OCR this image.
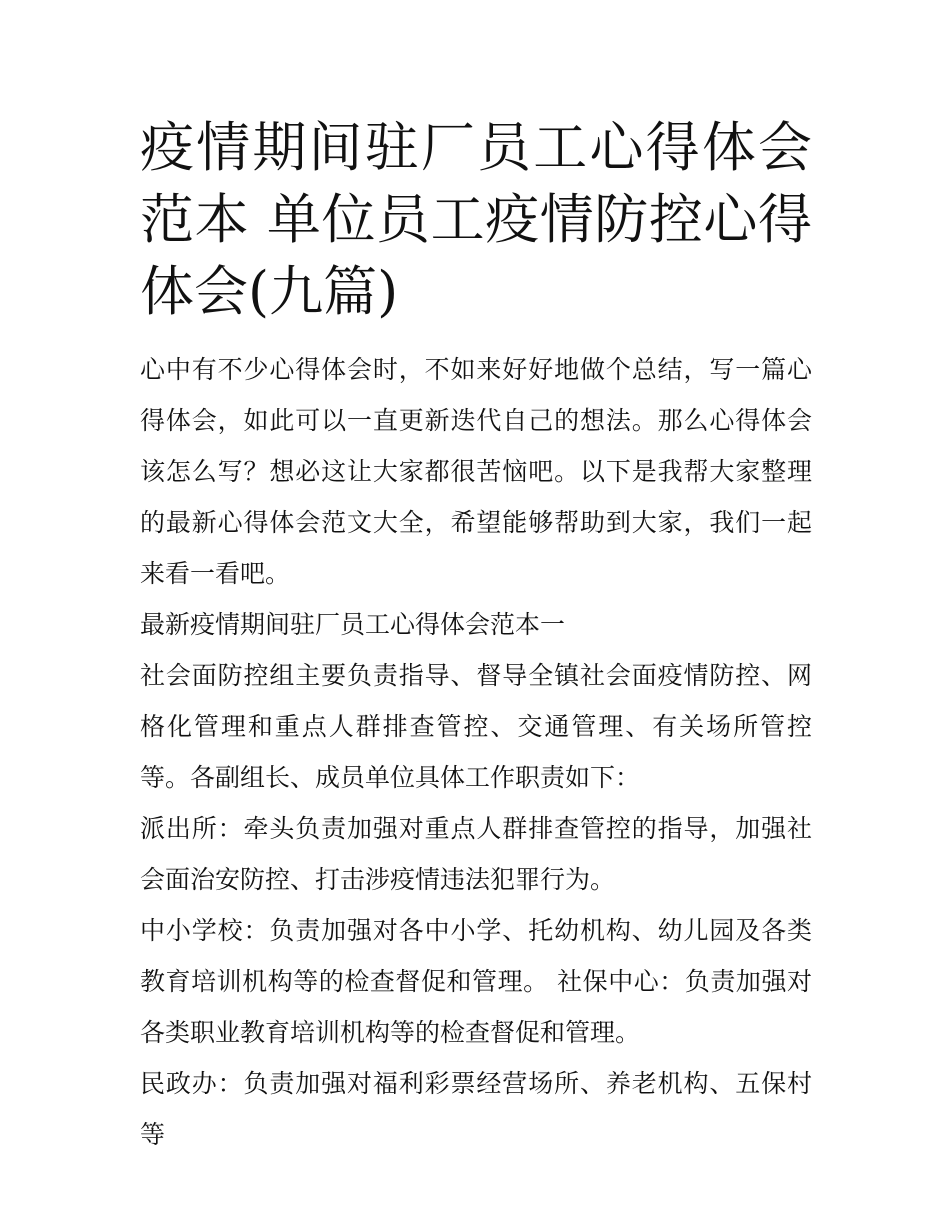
疫情期间驻厂员工心得体会范本 单位员工疫情防控心得体会(九篇)

心中有不少心得体会时，不如来好好地做个总结，写一篇心得体会，如此可以一直更新迭代自己的想法。那么心得体会该怎么写？想必这让大家都很苦恼吧。以下是我帮大家整理的最新心得体会范文大全，希望能够帮助到大家，我们一起来看一看吧。

最新疫情期间驻厂员工心得体会范本一

社会面防控组主要负责指导、督导全镇社会面疫情防控、网格化管理和重点人群排查管控、交通管理、有关场所管控等。各副组长、成员单位具体工作职责如下：

派出所：牵头负责加强对重点人群排查管控的指导，加强社会面治安防控、打击涉疫情违法犯罪行为。

中小学校：负责加强对各中小学、托幼机构、幼儿园及各类教育培训机构等的检查督促和管理。 社保中心：负责加强对各类职业教育培训机构等的检查督促和管理。

民政办：负责加强对福利彩票经营场所、养老机构、五保村等
